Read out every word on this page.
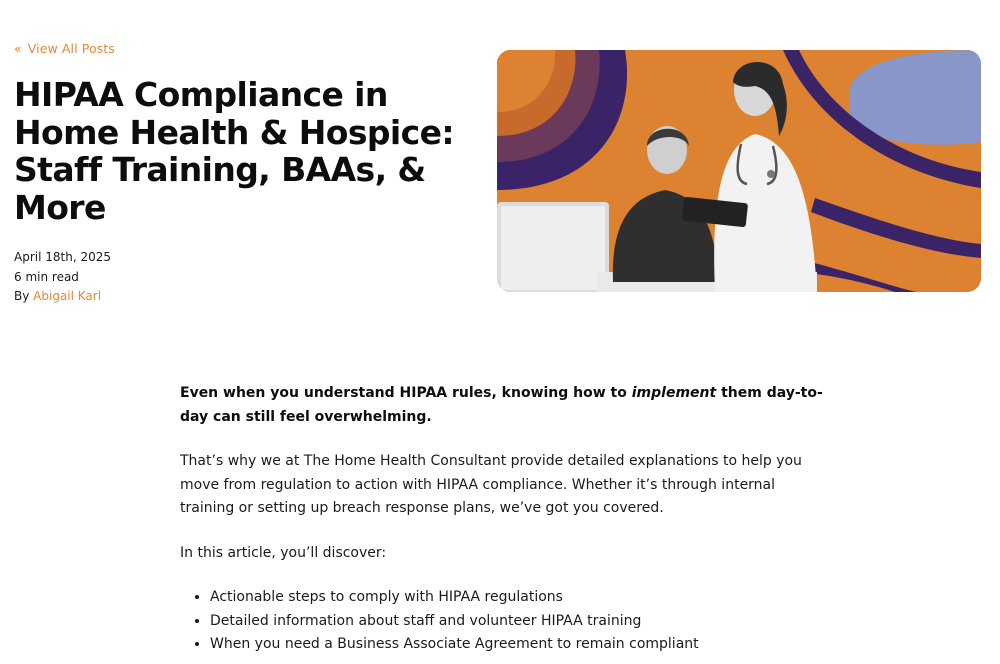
« View All Posts
HIPAA Compliance in Home Health & Hospice: Staff Training, BAAs, & More
April 18th, 2025
6 min read
By Abigail Karl

Even when you understand HIPAA rules, knowing how to implement them day-to-day can still feel overwhelming.

That’s why we at The Home Health Consultant provide detailed explanations to help you move from regulation to action with HIPAA compliance. Whether it’s through internal training or setting up breach response plans, we’ve got you covered.

In this article, you’ll discover:

• Actionable steps to comply with HIPAA regulations
• Detailed information about staff and volunteer HIPAA training
• When you need a Business Associate Agreement to remain compliant
